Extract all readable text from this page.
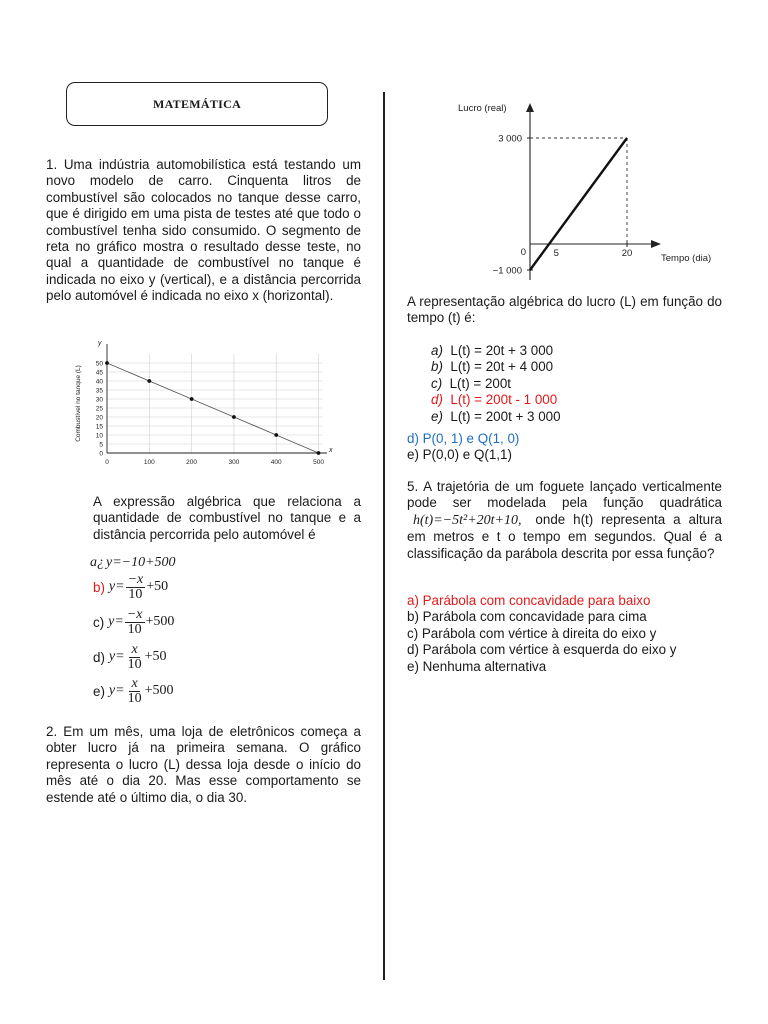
MATEMÁTICA
1. Uma indústria automobilística está testando um novo modelo de carro. Cinquenta litros de combustível são colocados no tanque desse carro, que é dirigido em uma pista de testes até que todo o combustível tenha sido consumido. O segmento de reta no gráfico mostra o resultado desse teste, no qual a quantidade de combustível no tanque é indicada no eixo y (vertical), e a distância percorrida pelo automóvel é indicada no eixo x (horizontal).
0
5
10
15
20
25
30
35
40
45
50
0	100	200	300	400	500
y
x
Combustível no tanque (L)
A expressão algébrica que relaciona a quantidade de combustível no tanque e a distância percorrida pelo automóvel é
a¿ y=−10+500
b) $y= \frac{-x}{10} +50$
c) $y= \frac{-x}{10} +500$
d) $y= \frac{x}{10} +50$
e) $y= \frac{x}{10} +500$
2. Em um mês, uma loja de eletrônicos começa a obter lucro já na primeira semana. O gráfico representa o lucro (L) dessa loja desde o início do mês até o dia 20. Mas esse comportamento se estende até o último dia, o dia 30.
Lucro (real)
Tempo (dia)
3 000
0
−1 000
5	20
A representação algébrica do lucro (L) em função do tempo (t) é:
a) L(t) = 20t + 3 000
b) L(t) = 20t + 4 000
c) L(t) = 200t
d) L(t) = 200t - 1 000
e) L(t) = 200t + 3 000
d) P(0, 1) e Q(1, 0)
e) P(0,0) e Q(1,1)
5. A trajetória de um foguete lançado verticalmente pode ser modelada pela função quadrática h(t)=−5t²+20t+10, onde h(t) representa a altura em metros e t o tempo em segundos. Qual é a classificação da parábola descrita por essa função?
a) Parábola com concavidade para baixo
b) Parábola com concavidade para cima
c) Parábola com vértice à direita do eixo y
d) Parábola com vértice à esquerda do eixo y
e) Nenhuma alternativa
